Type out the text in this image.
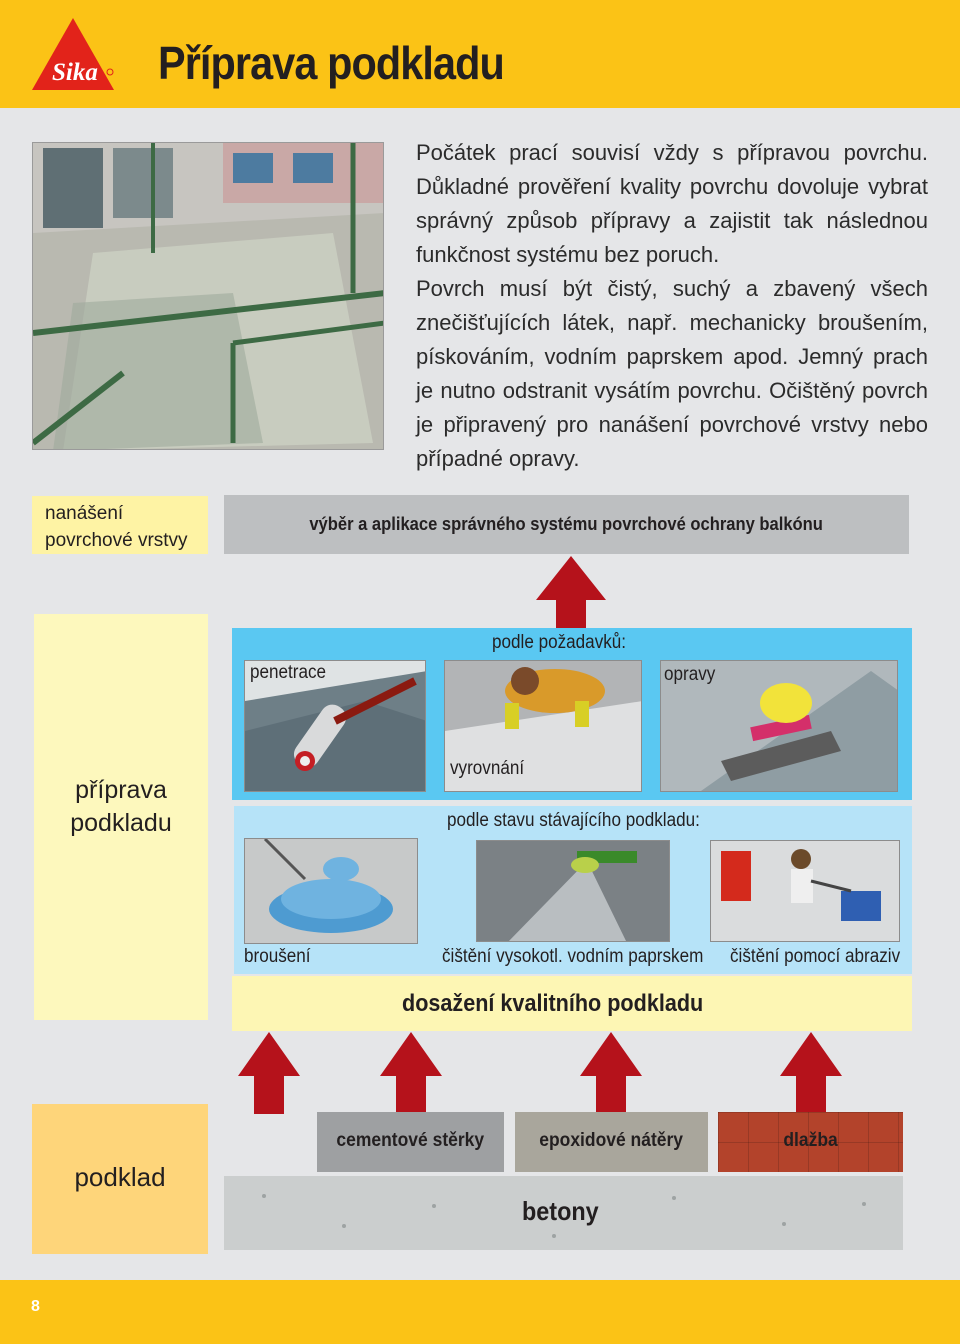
Sika Příprava podkladu

Počátek prací souvisí vždy s přípravou povrchu. Důkladné prověření kvality povrchu dovoluje vybrat správný způsob přípravy a zajistit tak následnou funkčnost systému bez poruch.

Povrch musí být čistý, suchý a zbavený všech znečišťujících látek, např. mechanicky broušením, pískováním, vodním paprskem apod. Jemný prach je nutno odstranit vysátím povrchu. Očištěný povrch je připravený pro nanášení povrchové vrstvy nebo případné opravy.

nanášení povrchové vrstvy
výběr a aplikace správného systému povrchové ochrany balkónu
příprava podkladu
podle požadavků:
penetrace
vyrovnání
opravy
podle stavu stávajícího podkladu:
broušení	čištění vysokotl. vodním paprskem čištění pomocí abraziv
dosažení kvalitního podkladu
podklad
cementové stěrky	epoxidové nátěry	dlažba
betony
8
